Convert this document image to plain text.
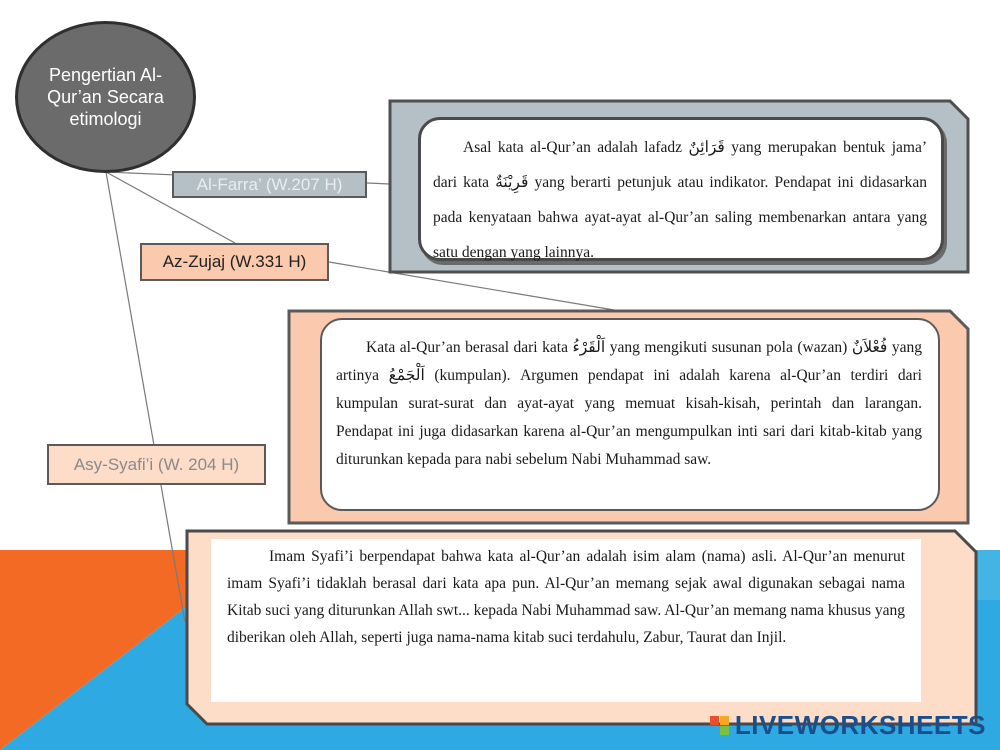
Pengertian Al-Qur’an Secara etimologi
Al-Farra’ (W.207 H)
Az-Zujaj (W.331 H)
Asy-Syafi’i (W. 204 H)
Asal kata al-Qur’an adalah lafadz قَرَائِنٌ yang merupakan bentuk jama’ dari kata قَرِيْنَةٌ yang berarti petunjuk atau indikator. Pendapat ini didasarkan pada kenyataan bahwa ayat-ayat al-Qur’an saling membenarkan antara yang satu dengan yang lainnya.
Kata al-Qur’an berasal dari kata اَلْقَرْءُ yang mengikuti susunan pola (wazan) فُعْلاَنٌ yang artinya اَلْجَمْعُ (kumpulan). Argumen pendapat ini adalah karena al-Qur’an terdiri dari kumpulan surat-surat dan ayat-ayat yang memuat kisah-kisah, perintah dan larangan. Pendapat ini juga didasarkan karena al-Qur’an mengumpulkan inti sari dari kitab-kitab yang diturunkan kepada para nabi sebelum Nabi Muhammad saw.
Imam Syafi’i berpendapat bahwa kata al-Qur’an adalah isim alam (nama) asli. Al-Qur’an menurut imam Syafi’i tidaklah berasal dari kata apa pun. Al-Qur’an memang sejak awal digunakan sebagai nama Kitab suci yang diturunkan Allah swt... kepada Nabi Muhammad saw. Al-Qur’an memang nama khusus yang diberikan oleh Allah, seperti juga nama-nama kitab suci terdahulu, Zabur, Taurat dan Injil.
LIVEWORKSHEETS
